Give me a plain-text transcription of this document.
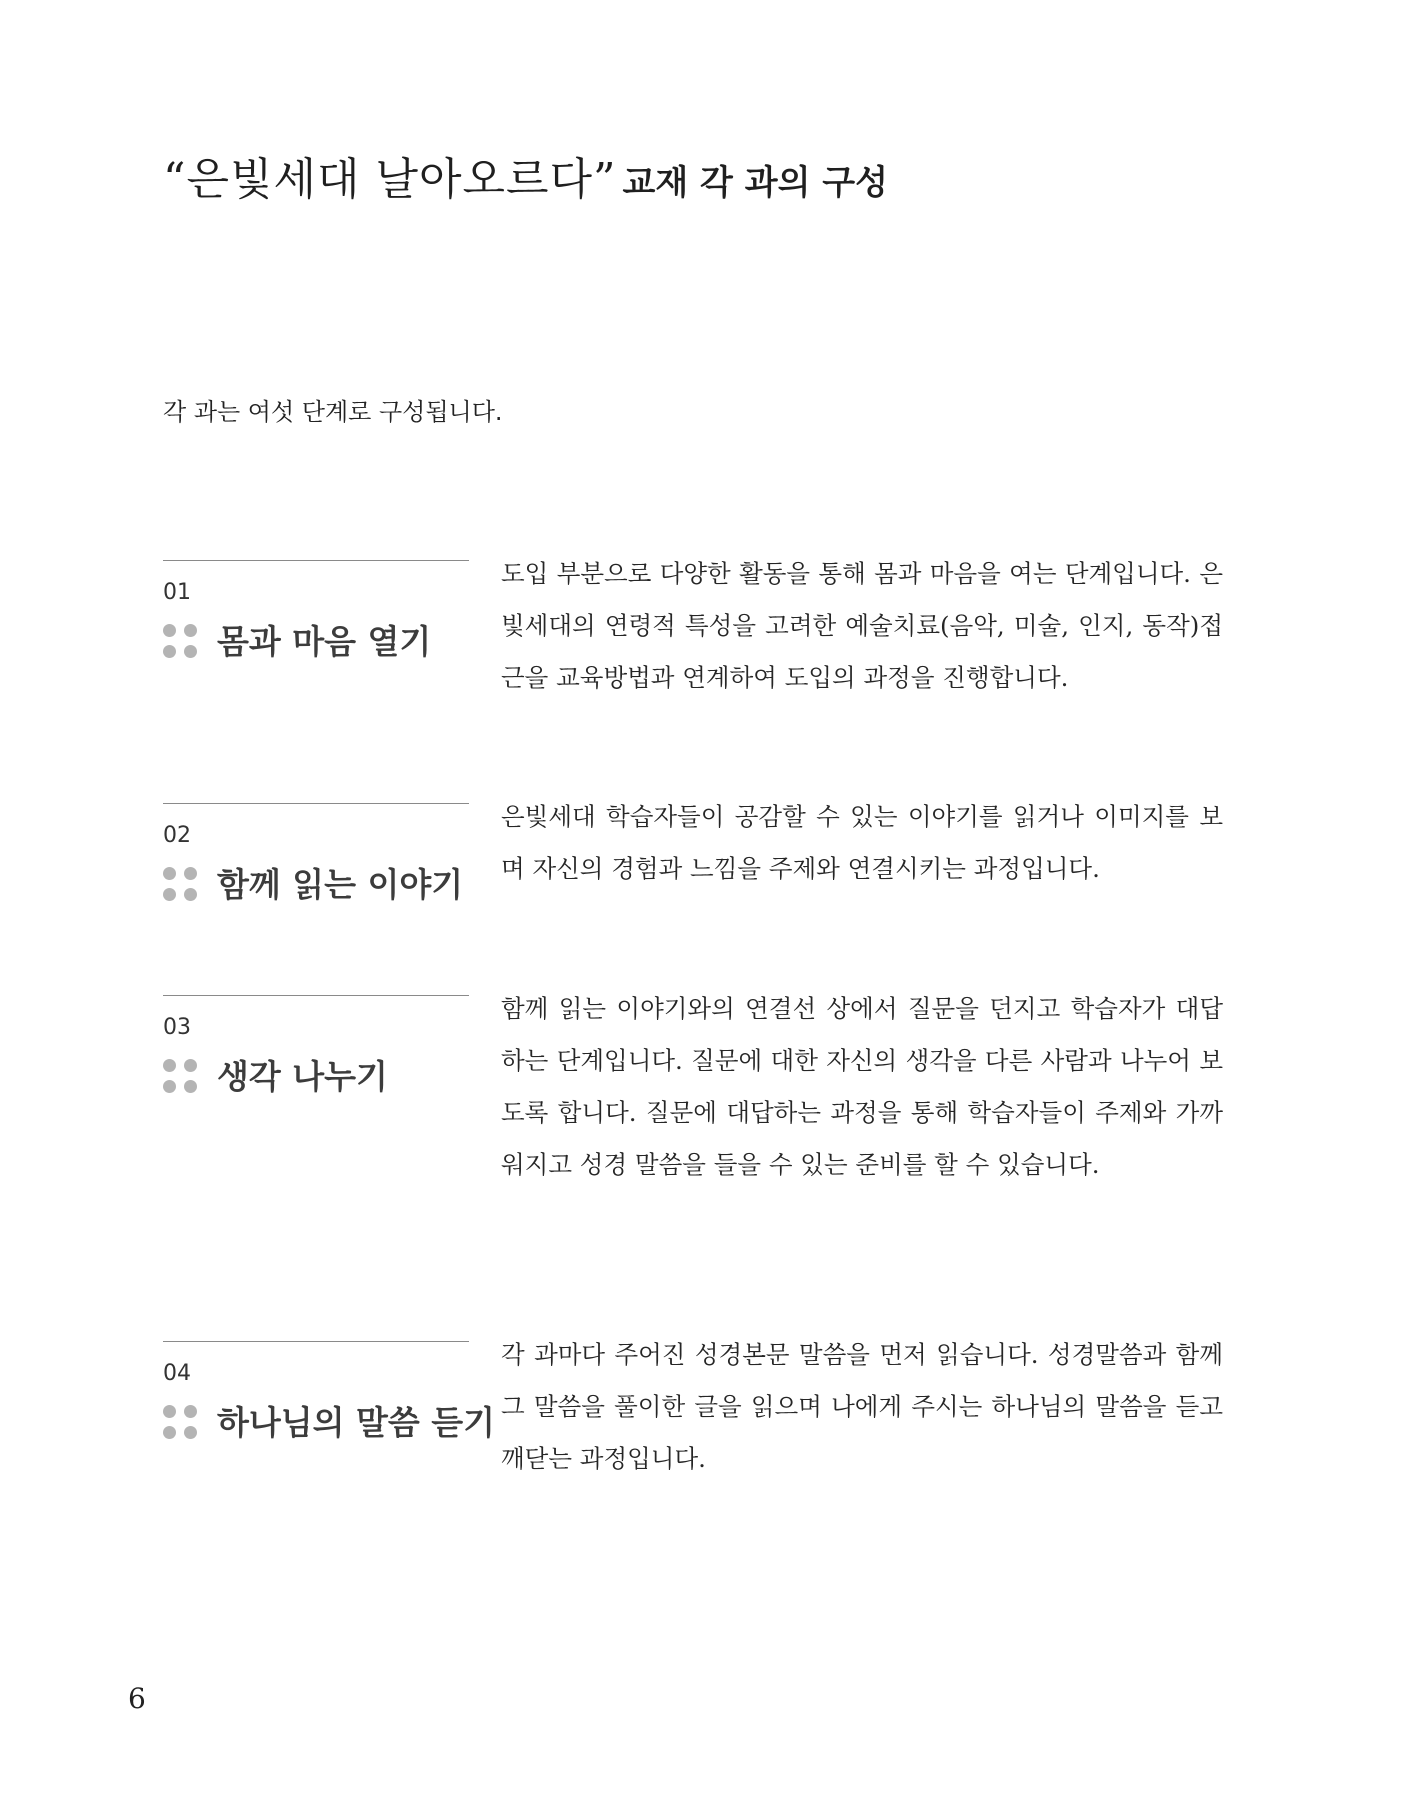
“은빛세대 날아오르다” 교재 각 과의 구성

각 과는 여섯 단계로 구성됩니다.

01
몸과 마음 열기

도입 부분으로 다양한 활동을 통해 몸과 마음을 여는 단계입니다. 은빛세대의 연령적 특성을 고려한 예술치료(음악, 미술, 인지, 동작)접근을 교육방법과 연계하여 도입의 과정을 진행합니다.

02
함께 읽는 이야기

은빛세대 학습자들이 공감할 수 있는 이야기를 읽거나 이미지를 보며 자신의 경험과 느낌을 주제와 연결시키는 과정입니다.

03
생각 나누기

함께 읽는 이야기와의 연결선 상에서 질문을 던지고 학습자가 대답하는 단계입니다. 질문에 대한 자신의 생각을 다른 사람과 나누어 보도록 합니다. 질문에 대답하는 과정을 통해 학습자들이 주제와 가까워지고 성경 말씀을 들을 수 있는 준비를 할 수 있습니다.

04
하나님의 말씀 듣기

각 과마다 주어진 성경본문 말씀을 먼저 읽습니다. 성경말씀과 함께 그 말씀을 풀이한 글을 읽으며 나에게 주시는 하나님의 말씀을 듣고 깨닫는 과정입니다.

6
